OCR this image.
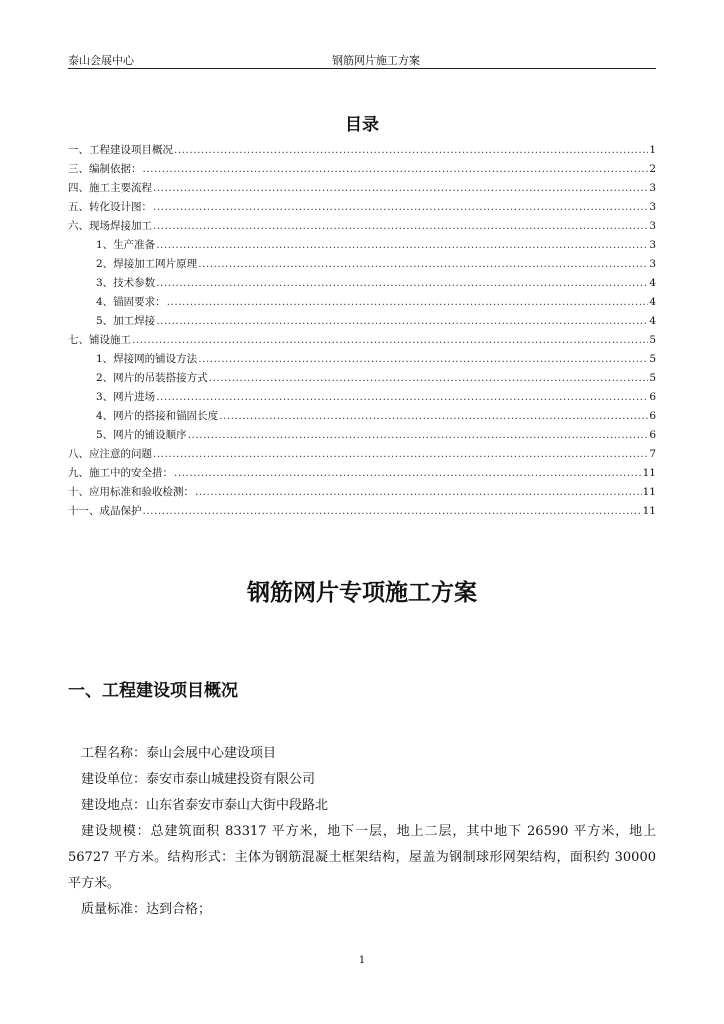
泰山会展中心	钢筋网片施工方案
目录
一、工程建设项目概况 .....	1
三、编制依据： .....	2
四、施工主要流程 .....	3
五、转化设计图： .....	3
六、现场焊接加工 .....	3
1、生产准备 .....	3
2、焊接加工网片原理 .....	3
3、技术参数 .....	4
4、锚固要求： .....	4
5、加工焊接 .....	4
七、铺设施工 .....	5
1、焊接网的铺设方法 .....	5
2、网片的吊装搭接方式 .....	5
3、网片进场 .....	6
4、网片的搭接和锚固长度 .....	6
5、网片的铺设顺序 .....	6
八、应注意的问题 .....	7
九、施工中的安全措： .....	11
十、应用标准和验收检测： .....	11
十一、成品保护 .....	11
钢筋网片专项施工方案
一、工程建设项目概况
工程名称：泰山会展中心建设项目
建设单位：泰安市泰山城建投资有限公司
建设地点：山东省泰安市泰山大街中段路北
建设规模：总建筑面积 83317 平方米，地下一层，地上二层，其中地下 26590 平方米，地上 56727 平方米。结构形式：主体为钢筋混凝土框架结构，屋盖为钢制球形网架结构，面积约 30000 平方米。
质量标准：达到合格；
1
